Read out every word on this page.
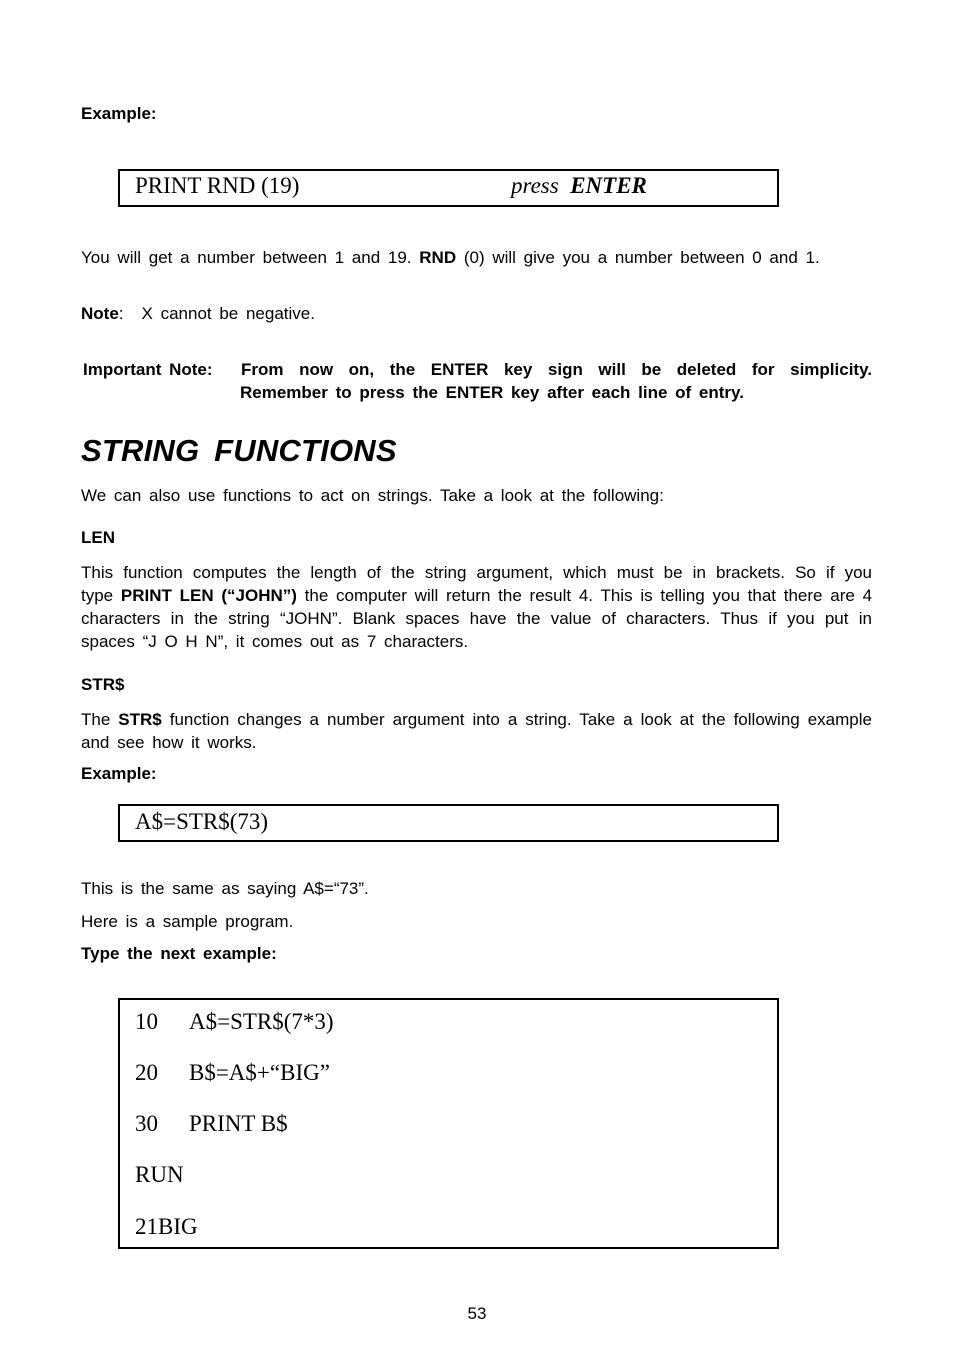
Example:
PRINT RND (19)	press ENTER
You will get a number between 1 and 19. RND (0) will give you a number between 0 and 1.
Note: X cannot be negative.
Important Note: From now on, the ENTER key sign will be deleted for simplicity.
Remember to press the ENTER key after each line of entry.
STRING FUNCTIONS
We can also use functions to act on strings. Take a look at the following:
LEN
This function computes the length of the string argument, which must be in brackets. So if you type PRINT LEN (“JOHN”) the computer will return the result 4. This is telling you that there are 4 characters in the string “JOHN”. Blank spaces have the value of characters. Thus if you put in spaces “J O H N”, it comes out as 7 characters.
STR$
The STR$ function changes a number argument into a string. Take a look at the following example and see how it works.
Example:
A$=STR$(73)
This is the same as saying A$=“73”.
Here is a sample program.
Type the next example:
10 A$=STR$(7*3)
20 B$=A$+“BIG”
30 PRINT B$
RUN
21BIG
53
